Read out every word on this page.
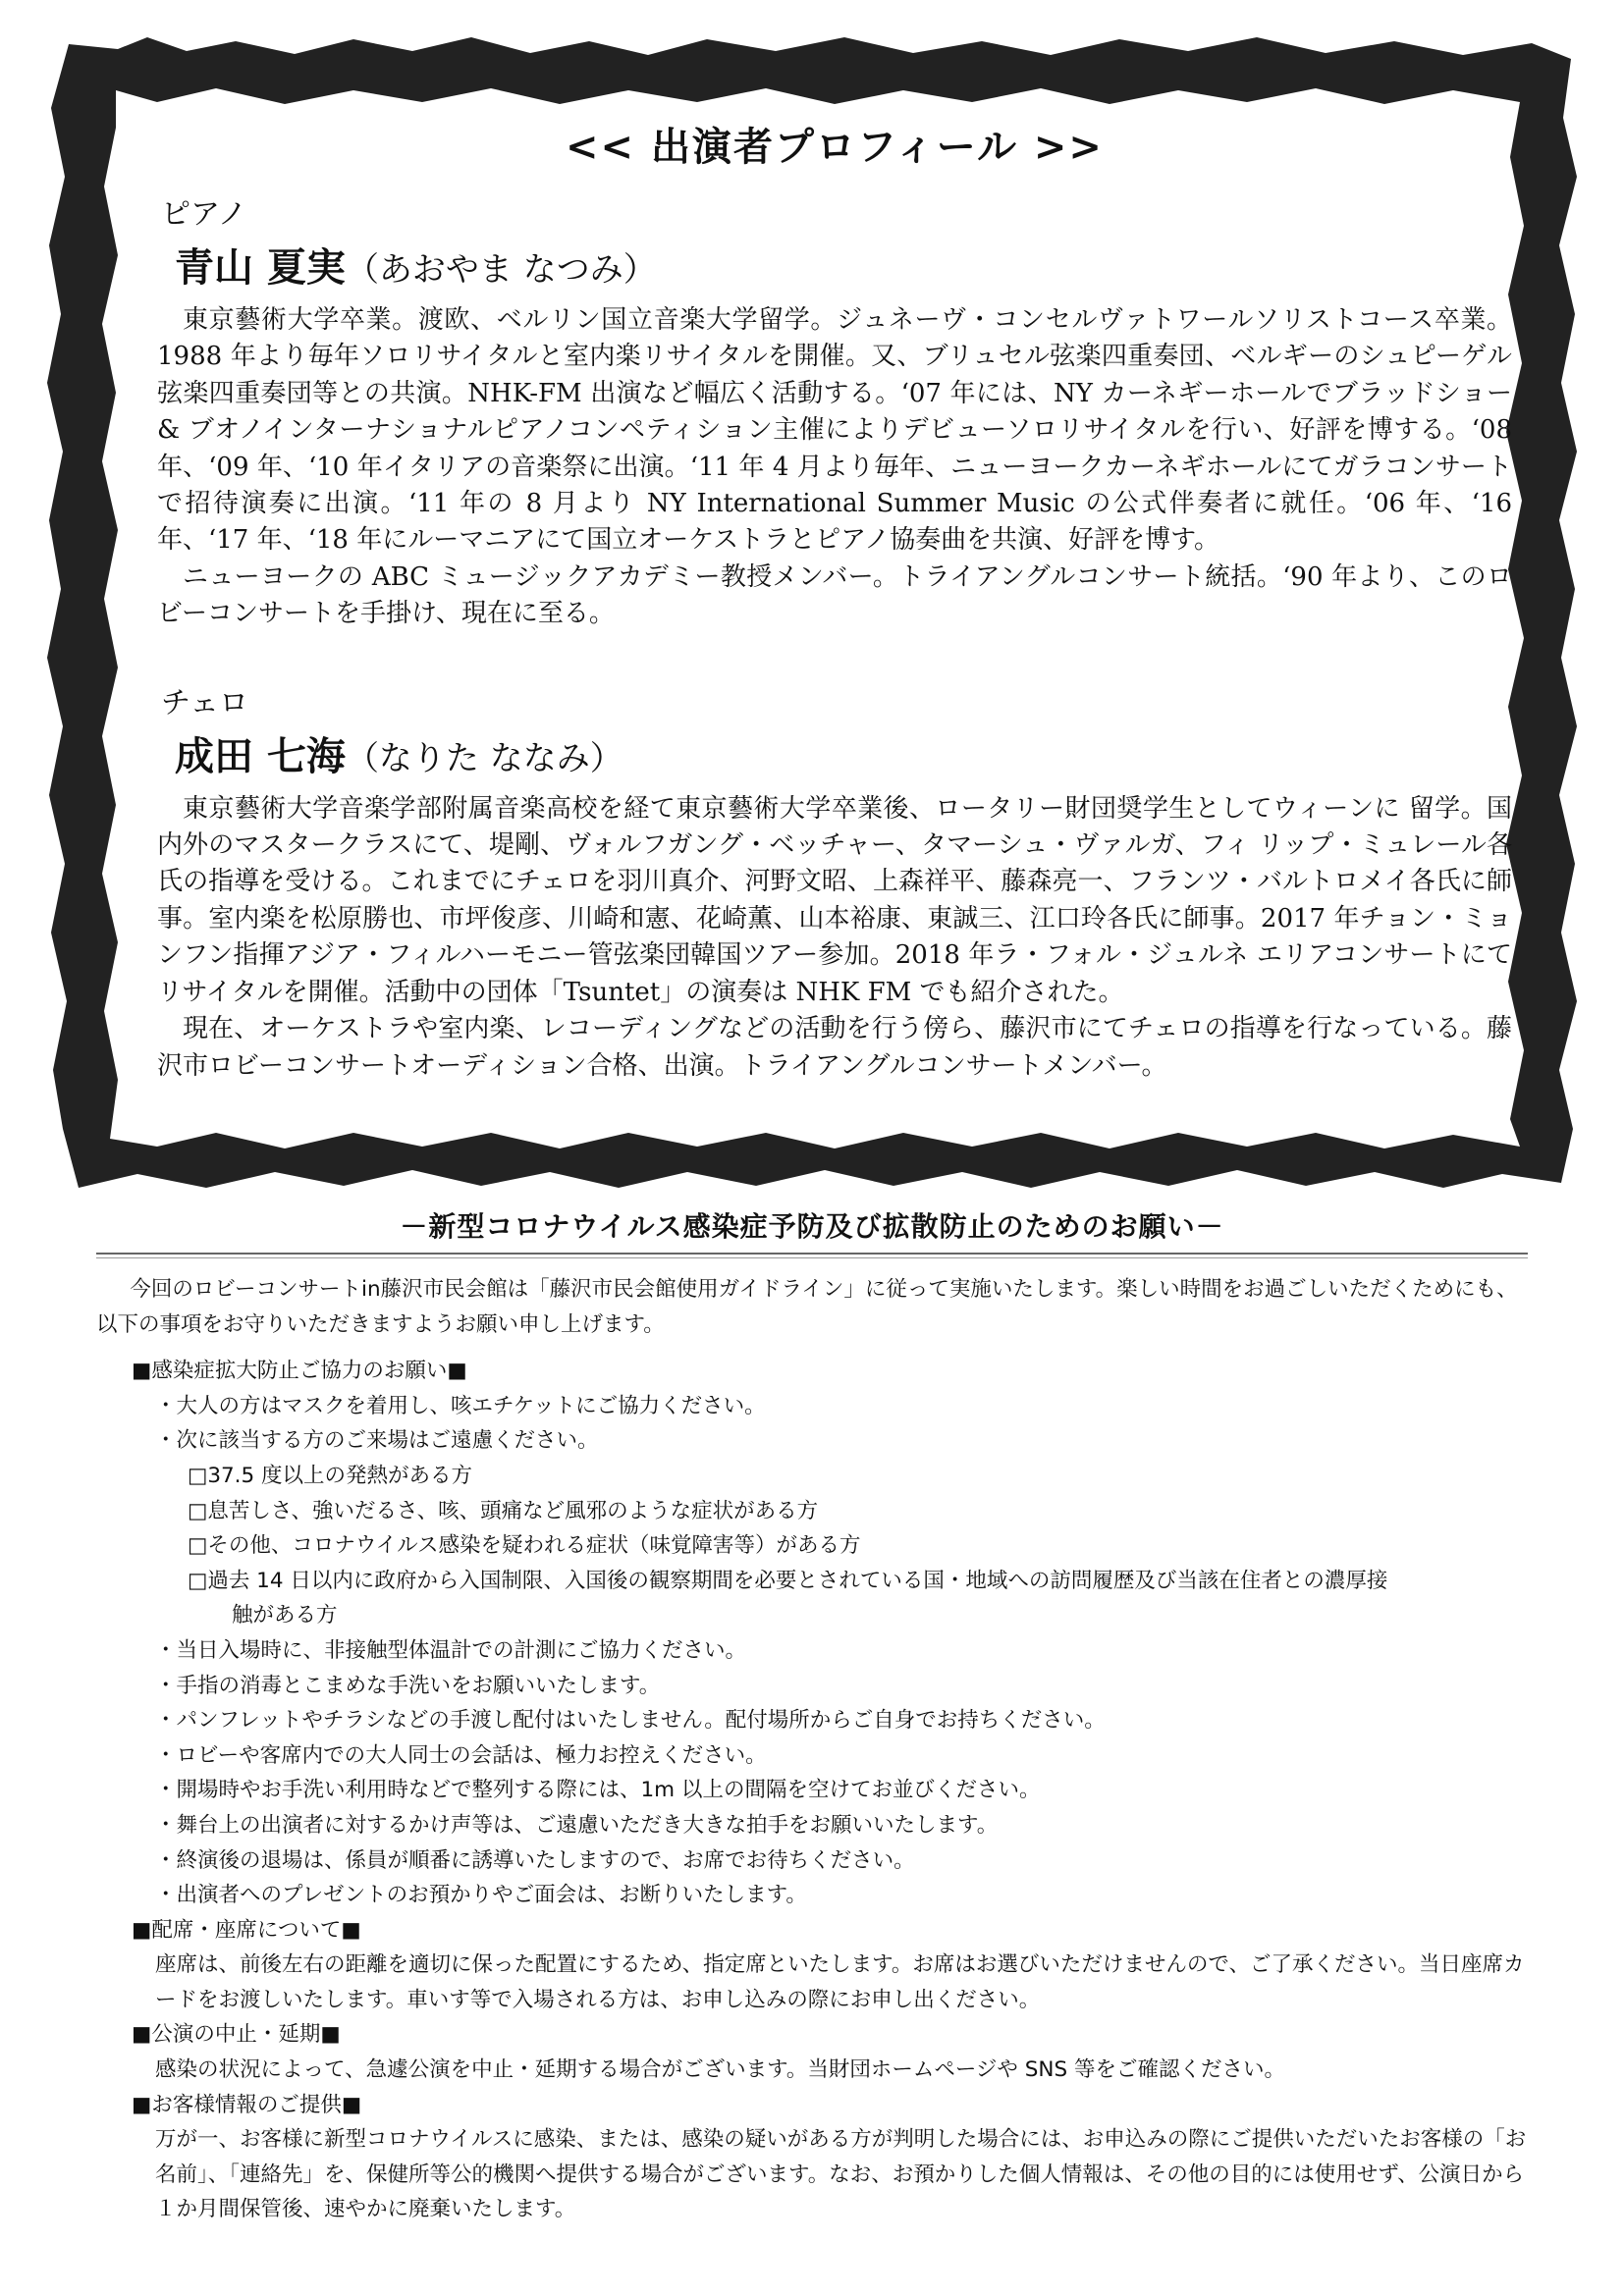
<< 出演者プロフィール >>
ピアノ
青山 夏実（あおやま なつみ）

東京藝術大学卒業。渡欧、ベルリン国立音楽大学留学。ジュネーヴ・コンセルヴァトワールソリストコース卒業。1988 年より毎年ソロリサイタルと室内楽リサイタルを開催。又、ブリュセル弦楽四重奏団、ベルギーのシュピーゲル弦楽四重奏団等との共演。NHK-FM 出演など幅広く活動する。‘07 年には、NY カーネギーホールでブラッドショー & ブオノインターナショナルピアノコンペティション主催によりデビューソロリサイタルを行い、好評を博する。‘08 年、‘09 年、‘10 年イタリアの音楽祭に出演。‘11 年 4 月より毎年、ニューヨークカーネギホールにてガラコンサートで招待演奏に出演。‘11 年の 8 月より NY International Summer Music の公式伴奏者に就任。‘06 年、‘16 年、‘17 年、‘18 年にルーマニアにて国立オーケストラとピアノ協奏曲を共演、好評を博す。

ニューヨークの ABC ミュージックアカデミー教授メンバー。トライアングルコンサート統括。‘90 年より、このロビーコンサートを手掛け、現在に至る。

チェロ
成田 七海（なりた ななみ）

東京藝術大学音楽学部附属音楽高校を経て東京藝術大学卒業後、ロータリー財団奨学生としてウィーンに 留学。国内外のマスタークラスにて、堤剛、ヴォルフガング・ベッチャー、タマーシュ・ヴァルガ、フィ リップ・ミュレール各氏の指導を受ける。これまでにチェロを羽川真介、河野文昭、上森祥平、藤森亮一、フランツ・バルトロメイ各氏に師事。室内楽を松原勝也、市坪俊彦、川崎和憲、花崎薫、山本裕康、東誠三、江口玲各氏に師事。2017 年チョン・ミョンフン指揮アジア・フィルハーモニー管弦楽団韓国ツアー参加。2018 年ラ・フォル・ジュルネ エリアコンサートにてリサイタルを開催。活動中の団体「Tsuntet」の演奏は NHK FM でも紹介された。

現在、オーケストラや室内楽、レコーディングなどの活動を行う傍ら、藤沢市にてチェロの指導を行なっている。藤沢市ロビーコンサートオーディション合格、出演。トライアングルコンサートメンバー。

－新型コロナウイルス感染症予防及び拡散防止のためのお願い－

今回のロビーコンサートin藤沢市民会館は「藤沢市民会館使用ガイドライン」に従って実施いたします。楽しい時間をお過ごしいただくためにも、以下の事項をお守りいただきますようお願い申し上げます。

■感染症拡大防止ご協力のお願い■

・大人の方はマスクを着用し、咳エチケットにご協力ください。

・次に該当する方のご来場はご遠慮ください。

□37.5 度以上の発熱がある方

□息苦しさ、強いだるさ、咳、頭痛など風邪のような症状がある方

□その他、コロナウイルス感染を疑われる症状（味覚障害等）がある方

□過去 14 日以内に政府から入国制限、入国後の観察期間を必要とされている国・地域への訪問履歴及び当該在住者との濃厚接
触がある方

・当日入場時に、非接触型体温計での計測にご協力ください。

・手指の消毒とこまめな手洗いをお願いいたします。

・パンフレットやチラシなどの手渡し配付はいたしません。配付場所からご自身でお持ちください。

・ロビーや客席内での大人同士の会話は、極力お控えください。

・開場時やお手洗い利用時などで整列する際には、1m 以上の間隔を空けてお並びください。

・舞台上の出演者に対するかけ声等は、ご遠慮いただき大きな拍手をお願いいたします。

・終演後の退場は、係員が順番に誘導いたしますので、お席でお待ちください。

・出演者へのプレゼントのお預かりやご面会は、お断りいたします。

■配席・座席について■

座席は、前後左右の距離を適切に保った配置にするため、指定席といたします。お席はお選びいただけませんので、ご了承ください。当日座席カードをお渡しいたします。車いす等で入場される方は、お申し込みの際にお申し出ください。

■公演の中止・延期■

感染の状況によって、急遽公演を中止・延期する場合がございます。当財団ホームページや SNS 等をご確認ください。

■お客様情報のご提供■

万が一、お客様に新型コロナウイルスに感染、または、感染の疑いがある方が判明した場合には、お申込みの際にご提供いただいたお客様の「お名前」、「連絡先」を、保健所等公的機関へ提供する場合がございます。なお、お預かりした個人情報は、その他の目的には使用せず、公演日から１か月間保管後、速やかに廃棄いたします。
